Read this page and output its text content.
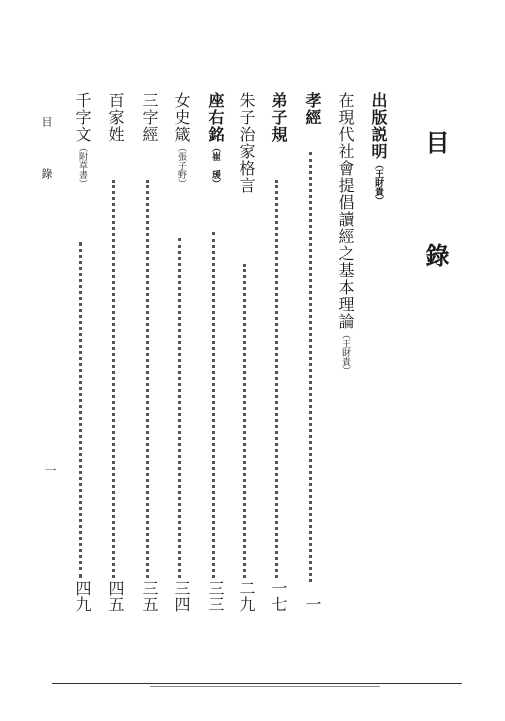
目 錄
一
目 錄
出版説明（王財貴）
在現代社會提倡讀經之基本理論（王財貴）
孝經
一
弟子規
一七
朱子治家格言
二九
座右銘（崔　瑗）
三三
女史箴（張子野）
三四
三字經
三五
百家姓
四五
千字文（附草書）
四九
